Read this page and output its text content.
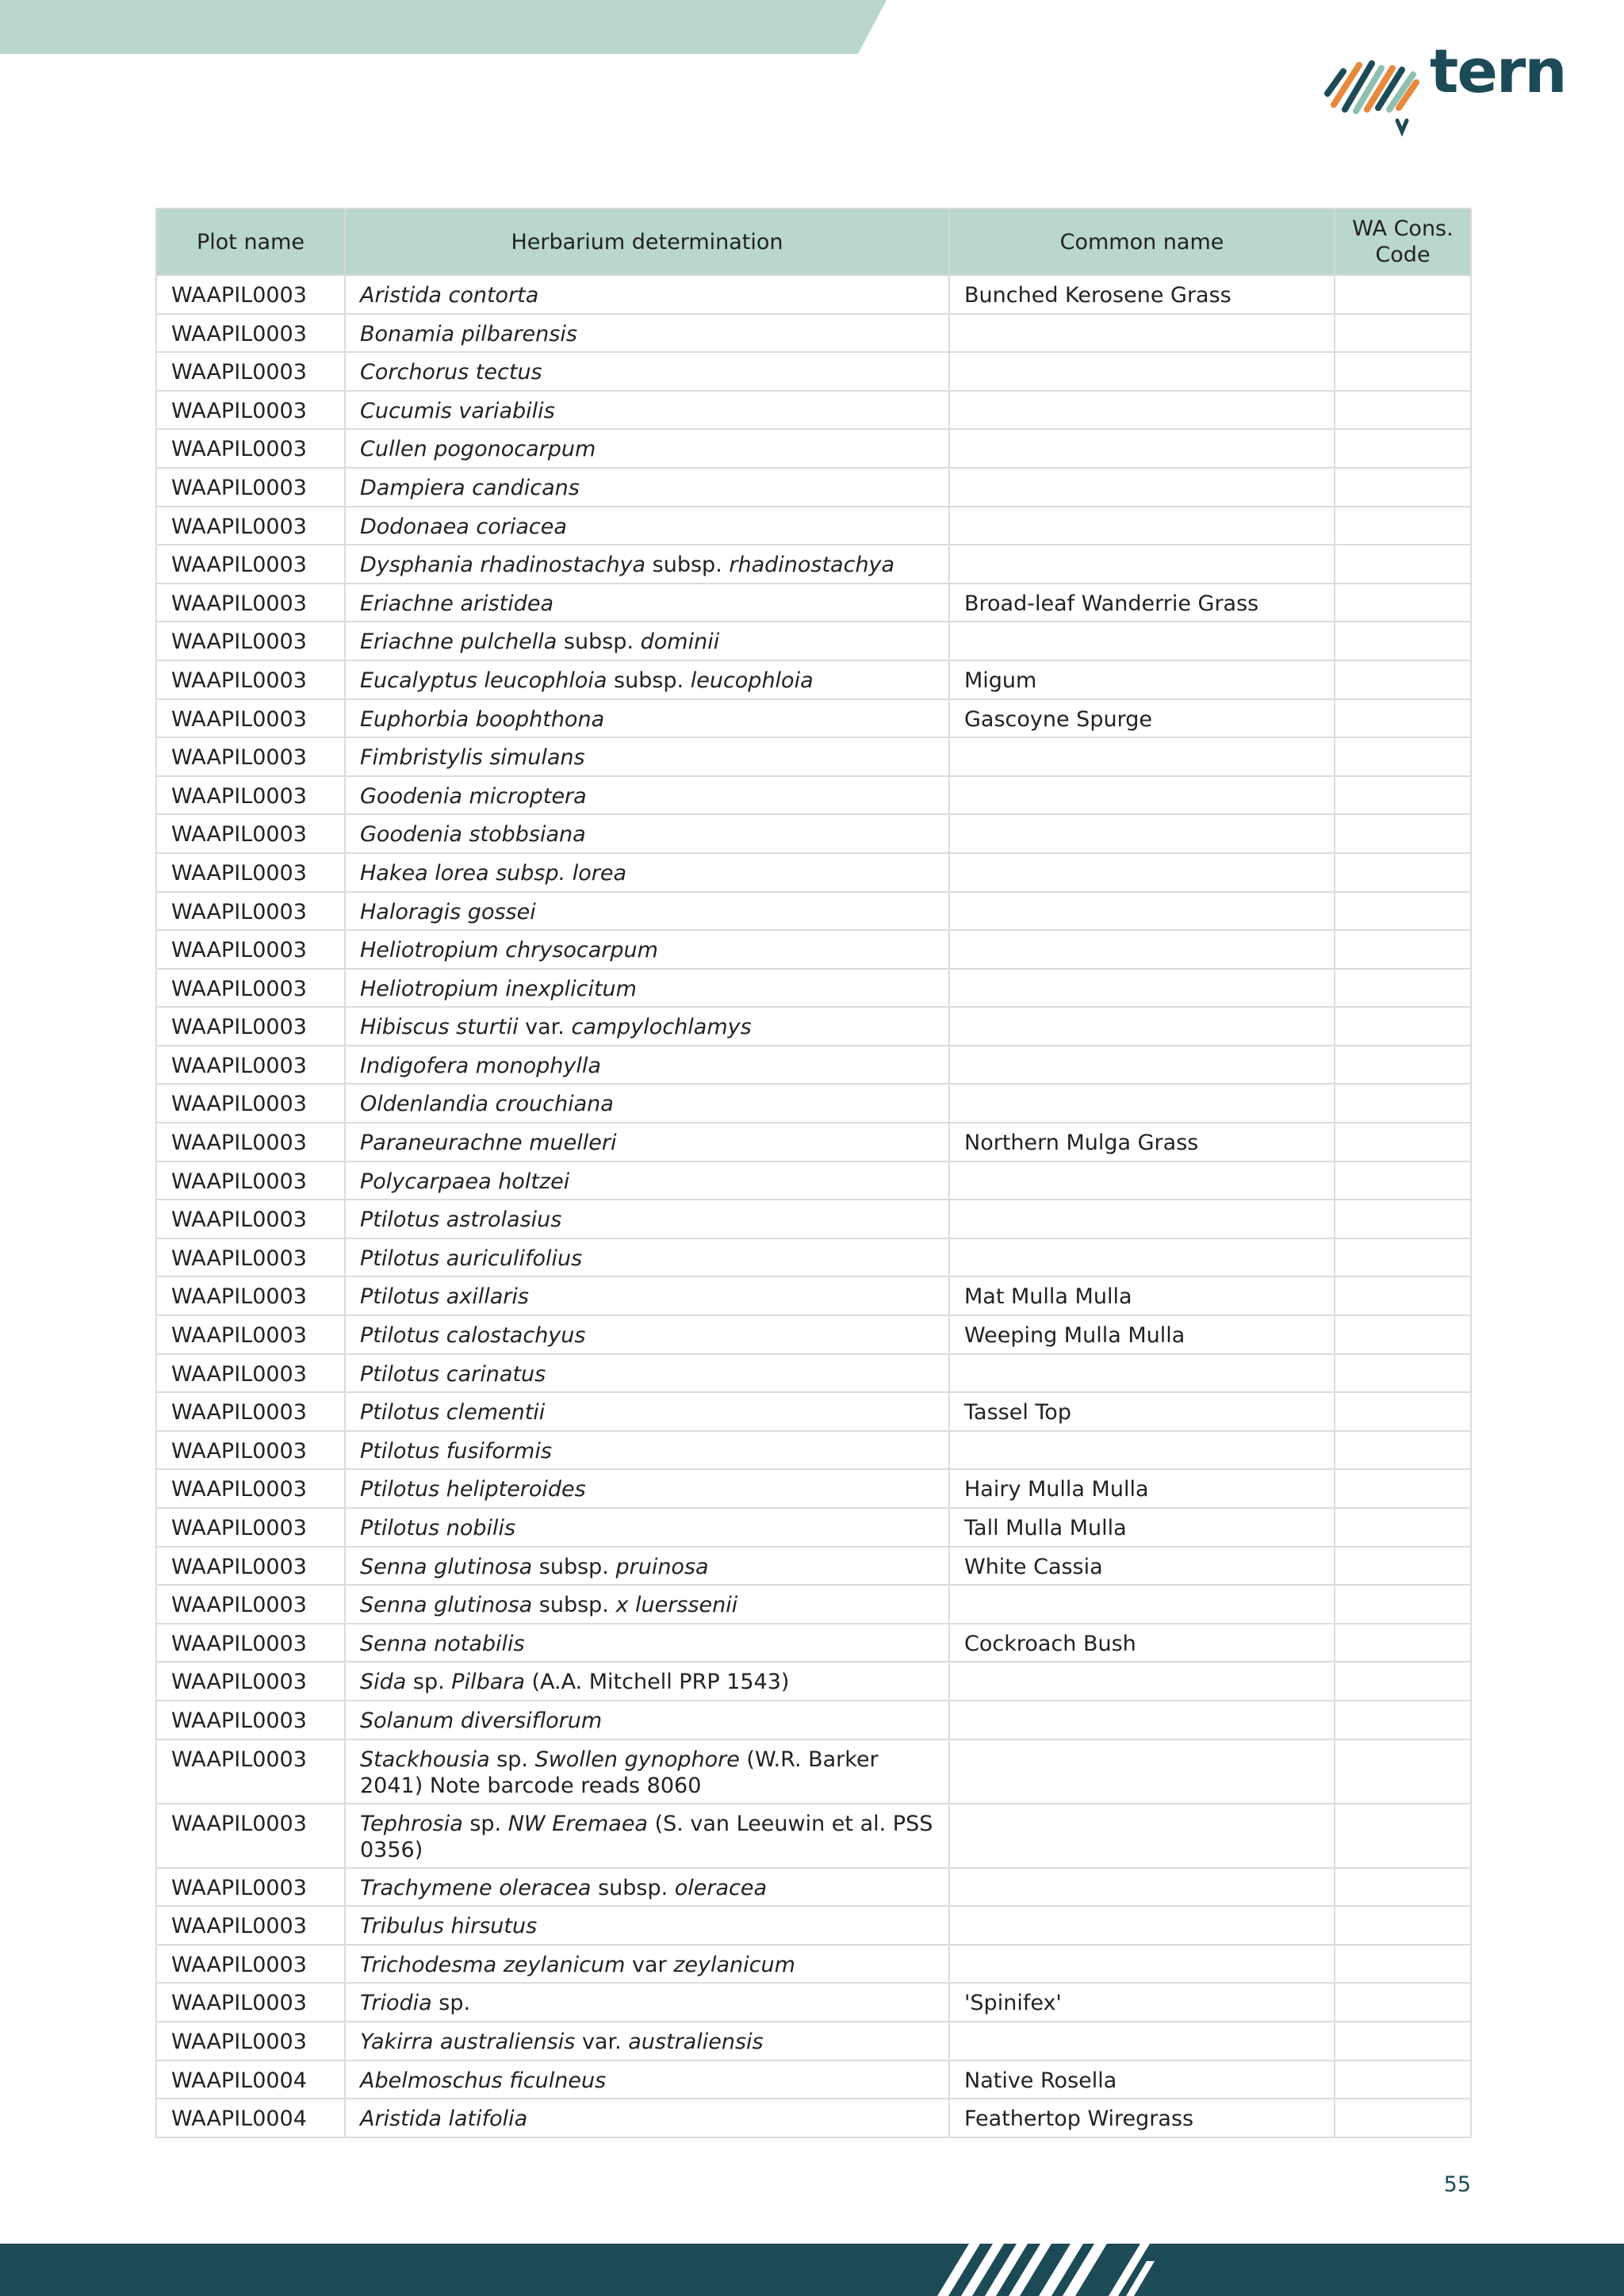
tern
Plot name	Herbarium determination	Common name	WA Cons. Code

WAAPIL0003	Aristida contorta	Bunched Kerosene Grass	

WAAPIL0003	Bonamia pilbarensis		

WAAPIL0003	Corchorus tectus		

WAAPIL0003	Cucumis variabilis		

WAAPIL0003	Cullen pogonocarpum		

WAAPIL0003	Dampiera candicans		

WAAPIL0003	Dodonaea coriacea		

WAAPIL0003	Dysphania rhadinostachya subsp. rhadinostachya		

WAAPIL0003	Eriachne aristidea	Broad-leaf Wanderrie Grass	

WAAPIL0003	Eriachne pulchella subsp. dominii		

WAAPIL0003	Eucalyptus leucophloia subsp. leucophloia	Migum	

WAAPIL0003	Euphorbia boophthona	Gascoyne Spurge	

WAAPIL0003	Fimbristylis simulans		

WAAPIL0003	Goodenia microptera		

WAAPIL0003	Goodenia stobbsiana		

WAAPIL0003	Hakea lorea subsp. lorea		

WAAPIL0003	Haloragis gossei		

WAAPIL0003	Heliotropium chrysocarpum		

WAAPIL0003	Heliotropium inexplicitum		

WAAPIL0003	Hibiscus sturtii var. campylochlamys		

WAAPIL0003	Indigofera monophylla		

WAAPIL0003	Oldenlandia crouchiana		

WAAPIL0003	Paraneurachne muelleri	Northern Mulga Grass	

WAAPIL0003	Polycarpaea holtzei		

WAAPIL0003	Ptilotus astrolasius		

WAAPIL0003	Ptilotus auriculifolius		

WAAPIL0003	Ptilotus axillaris	Mat Mulla Mulla	

WAAPIL0003	Ptilotus calostachyus	Weeping Mulla Mulla	

WAAPIL0003	Ptilotus carinatus		

WAAPIL0003	Ptilotus clementii	Tassel Top	

WAAPIL0003	Ptilotus fusiformis		

WAAPIL0003	Ptilotus helipteroides	Hairy Mulla Mulla	

WAAPIL0003	Ptilotus nobilis	Tall Mulla Mulla	

WAAPIL0003	Senna glutinosa subsp. pruinosa	White Cassia	

WAAPIL0003	Senna glutinosa subsp. x luerssenii		

WAAPIL0003	Senna notabilis	Cockroach Bush	

WAAPIL0003	Sida sp. Pilbara (A.A. Mitchell PRP 1543)		

WAAPIL0003	Solanum diversiflorum		

WAAPIL0003	Stackhousia sp. Swollen gynophore (W.R. Barker 2041) Note barcode reads 8060		

WAAPIL0003	Tephrosia sp. NW Eremaea (S. van Leeuwin et al. PSS 0356)		

WAAPIL0003	Trachymene oleracea subsp. oleracea		

WAAPIL0003	Tribulus hirsutus		

WAAPIL0003	Trichodesma zeylanicum var zeylanicum		

WAAPIL0003	Triodia sp.	'Spinifex'	

WAAPIL0003	Yakirra australiensis var. australiensis		

WAAPIL0004	Abelmoschus ficulneus	Native Rosella	

WAAPIL0004	Aristida latifolia	Feathertop Wiregrass	

55
